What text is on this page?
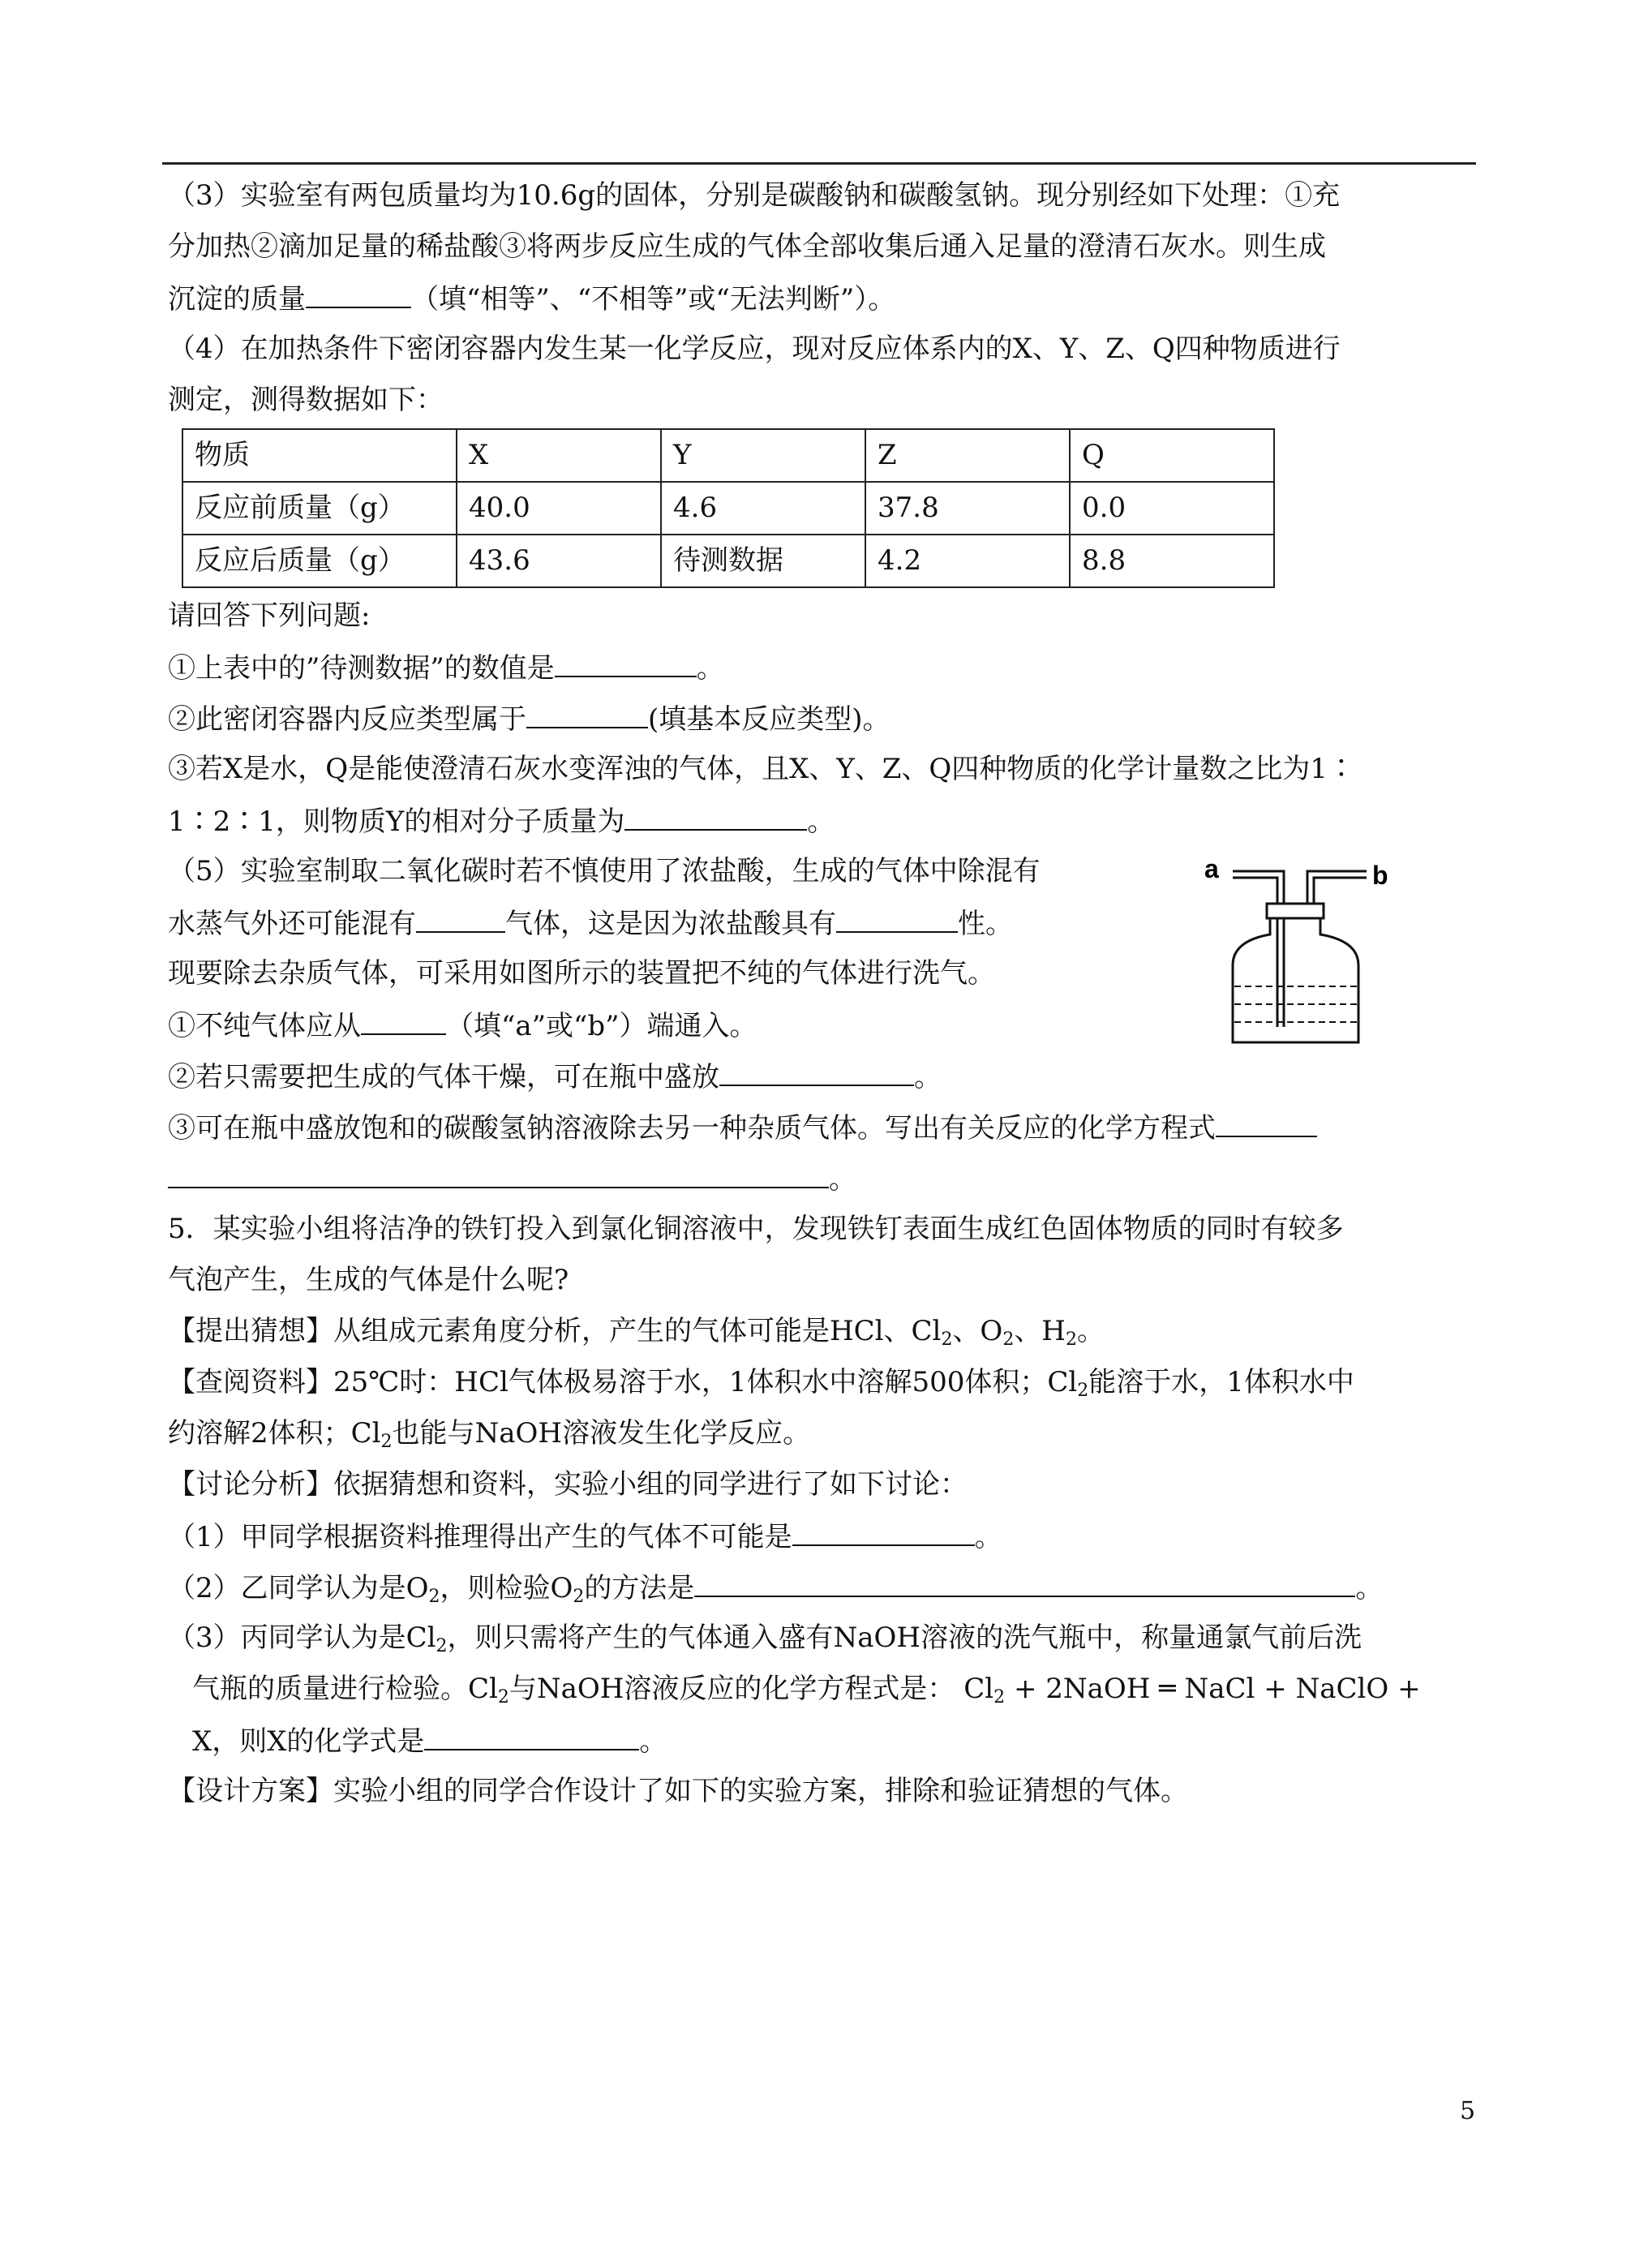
（3）实验室有两包质量均为10.6g的固体，分别是碳酸钠和碳酸氢钠。现分别经如下处理：①充
分加热②滴加足量的稀盐酸③将两步反应生成的气体全部收集后通入足量的澄清石灰水。则生成
沉淀的质量	（填“相等”、“不相等”或“无法判断”）。
（4）在加热条件下密闭容器内发生某一化学反应，现对反应体系内的X、Y、Z、Q四种物质进行
测定，测得数据如下：
物质	X	Y	Z	Q
反应前质量（g）	40.0	4.6	37.8	0.0
反应后质量（g）	43.6	待测数据	4.2	8.8
请回答下列问题:
①上表中的”待测数据”的数值是	。
②此密闭容器内反应类型属于	(填基本反应类型)。
③若X是水，Q是能使澄清石灰水变浑浊的气体，且X、Y、Z、Q四种物质的化学计量数之比为1∶
1∶2∶1，则物质Y的相对分子质量为	。
（5）实验室制取二氧化碳时若不慎使用了浓盐酸，生成的气体中除混有
水蒸气外还可能混有	气体，这是因为浓盐酸具有	性。
现要除去杂质气体，可采用如图所示的装置把不纯的气体进行洗气。
①不纯气体应从	（填“a”或“b”）端通入。
②若只需要把生成的气体干燥，可在瓶中盛放	。
③可在瓶中盛放饱和的碳酸氢钠溶液除去另一种杂质气体。写出有关反应的化学方程式
。
5．某实验小组将洁净的铁钉投入到氯化铜溶液中，发现铁钉表面生成红色固体物质的同时有较多
气泡产生，生成的气体是什么呢?
【提出猜想】从组成元素角度分析，产生的气体可能是HCl、$Cl_2$、$O_2$、$H_2$。
【查阅资料】25℃时：HCl气体极易溶于水，1体积水中溶解500体积；$Cl_2$能溶于水，1体积水中
约溶解2体积；$Cl_2$也能与NaOH溶液发生化学反应。
【讨论分析】依据猜想和资料，实验小组的同学进行了如下讨论：
（1）甲同学根据资料推理得出产生的气体不可能是	。
（2）乙同学认为是$O_2$，则检验$O_2$的方法是	。
（3）丙同学认为是$Cl_2$，则只需将产生的气体通入盛有NaOH溶液的洗气瓶中，称量通氯气前后洗
气瓶的质量进行检验。$Cl_2$与NaOH溶液反应的化学方程式是： $Cl_2$ + 2NaOH ═ NaCl + NaClO +
X，则X的化学式是	。
【设计方案】实验小组的同学合作设计了如下的实验方案，排除和验证猜想的气体。
a	b
5
